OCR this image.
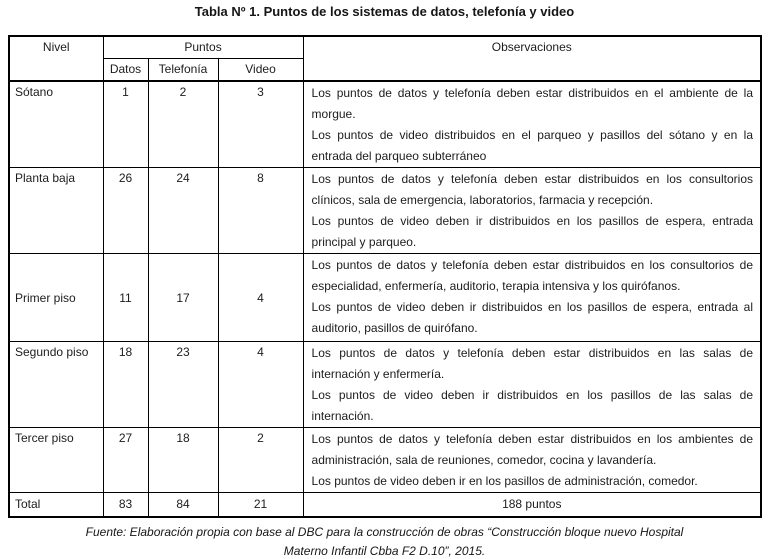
Tabla Nº 1. Puntos de los sistemas de datos, telefonía y video
Nivel	Puntos			Observaciones
	Datos	Telefonía	Video	
Sótano	1	2	3	Los puntos de datos y telefonía deben estar distribuidos en el ambiente de la morgue.

Los puntos de video distribuidos en el parqueo y pasillos del sótano y en la entrada del parqueo subterráneo

Planta baja	26	24	8	Los puntos de datos y telefonía deben estar distribuidos en los consultorios clínicos, sala de emergencia, laboratorios, farmacia y recepción.

Los puntos de video deben ir distribuidos en los pasillos de espera, entrada principal y parqueo.

Primer piso	11	17	4	Los puntos de datos y telefonía deben estar distribuidos en los consultorios de especialidad, enfermería, auditorio, terapia intensiva y los quirófanos.

Los puntos de video deben ir distribuidos en los pasillos de espera, entrada al auditorio, pasillos de quirófano.

Segundo piso	18	23	4	Los puntos de datos y telefonía deben estar distribuidos en las salas de internación y enfermería.

Los puntos de video deben ir distribuidos en los pasillos de las salas de internación.

Tercer piso	27	18	2	Los puntos de datos y telefonía deben estar distribuidos en los ambientes de administración, sala de reuniones, comedor, cocina y lavandería.

Los puntos de video deben ir en los pasillos de administración, comedor.

Total	83	84	21	188 puntos
Fuente: Elaboración propia con base al DBC para la construcción de obras “Construcción bloque nuevo Hospital
Materno Infantil Cbba F2 D.10”, 2015.
